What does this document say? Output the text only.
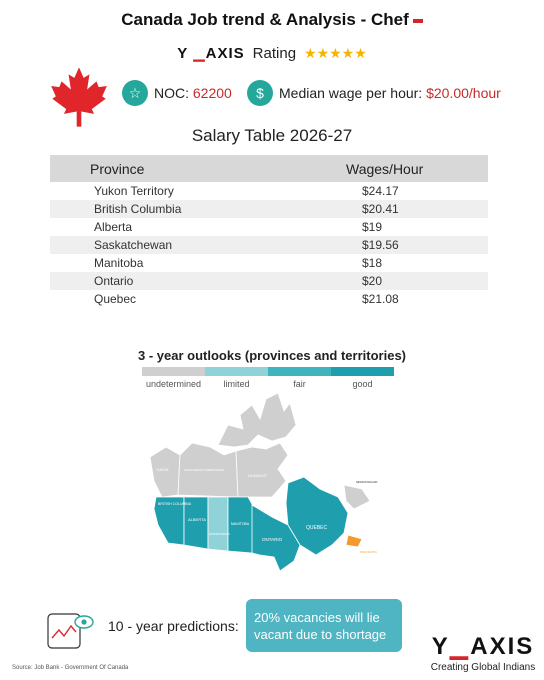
Canada Job trend & Analysis - Chef
Y ▁AXIS Rating ★★★★★
☆ NOC: 62200	$	Median wage per hour: $20.00/hour
Salary Table 2026-27
Province	Wages/Hour
Yukon Territory	$24.17
British Columbia	$20.41
Alberta	$19
Saskatchewan	$19.56
Manitoba	$18
Ontario	$20
Quebec	$21.08
3 - year outlooks (provinces and territories)
undetermined	limited	fair	good
YUKON	NORTHWEST TERRITORIES
NUNAVUT
BRITISH COLUMBIA
ALBERTA
SASKATCHEWAN
MANITOBA
ONTARIO
QUEBEC
NEWFOUNDLAND
NOVA SCOTIA
10 - year predictions:
20% vacancies will lie vacant due to shortage	Y▁AXIS
Creating Global Indians
Source: Job Bank - Government Of Canada
